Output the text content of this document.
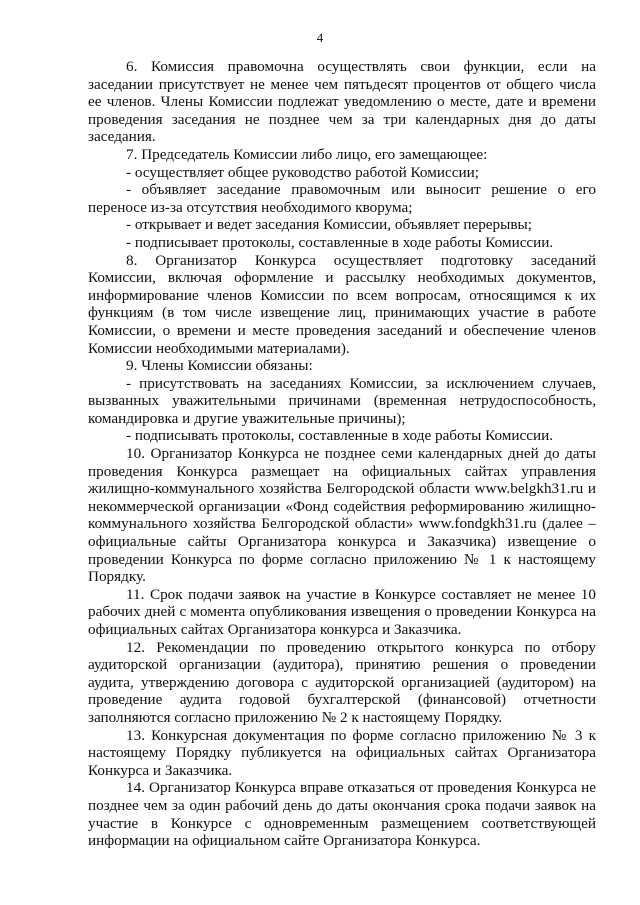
4

6. Комиссия правомочна осуществлять свои функции, если на заседании присутствует не менее чем пятьдесят процентов от общего числа ее членов. Члены Комиссии подлежат уведомлению о месте, дате и времени проведения заседания не позднее чем за три календарных дня до даты заседания.

7. Председатель Комиссии либо лицо, его замещающее:

- осуществляет общее руководство работой Комиссии;

- объявляет заседание правомочным или выносит решение о его переносе из-за отсутствия необходимого кворума;

- открывает и ведет заседания Комиссии, объявляет перерывы;

- подписывает протоколы, составленные в ходе работы Комиссии.

8. Организатор Конкурса осуществляет подготовку заседаний Комиссии, включая оформление и рассылку необходимых документов, информирование членов Комиссии по всем вопросам, относящимся к их функциям (в том числе извещение лиц, принимающих участие в работе Комиссии, о времени и месте проведения заседаний и обеспечение членов Комиссии необходимыми материалами).

9. Члены Комиссии обязаны:

- присутствовать на заседаниях Комиссии, за исключением случаев, вызванных уважительными причинами (временная нетрудоспособность, командировка и другие уважительные причины);

- подписывать протоколы, составленные в ходе работы Комиссии.

10. Организатор Конкурса не позднее семи календарных дней до даты проведения Конкурса размещает на официальных сайтах управления жилищно-коммунального хозяйства Белгородской области www.belgkh31.ru и некоммерческой организации «Фонд содействия реформированию жилищно-коммунального хозяйства Белгородской области» www.fondgkh31.ru (далее – официальные сайты Организатора конкурса и Заказчика) извещение о проведении Конкурса по форме согласно приложению № 1 к настоящему Порядку.

11. Срок подачи заявок на участие в Конкурсе составляет не менее 10 рабочих дней с момента опубликования извещения о проведении Конкурса на официальных сайтах Организатора конкурса и Заказчика.

12. Рекомендации по проведению открытого конкурса по отбору аудиторской организации (аудитора), принятию решения о проведении аудита, утверждению договора с аудиторской организацией (аудитором) на проведение аудита годовой бухгалтерской (финансовой) отчетности заполняются согласно приложению № 2 к настоящему Порядку.

13. Конкурсная документация по форме согласно приложению № 3 к настоящему Порядку публикуется на официальных сайтах Организатора Конкурса и Заказчика.

14. Организатор Конкурса вправе отказаться от проведения Конкурса не позднее чем за один рабочий день до даты окончания срока подачи заявок на участие в Конкурсе с одновременным размещением соответствующей информации на официальном сайте Организатора Конкурса.
